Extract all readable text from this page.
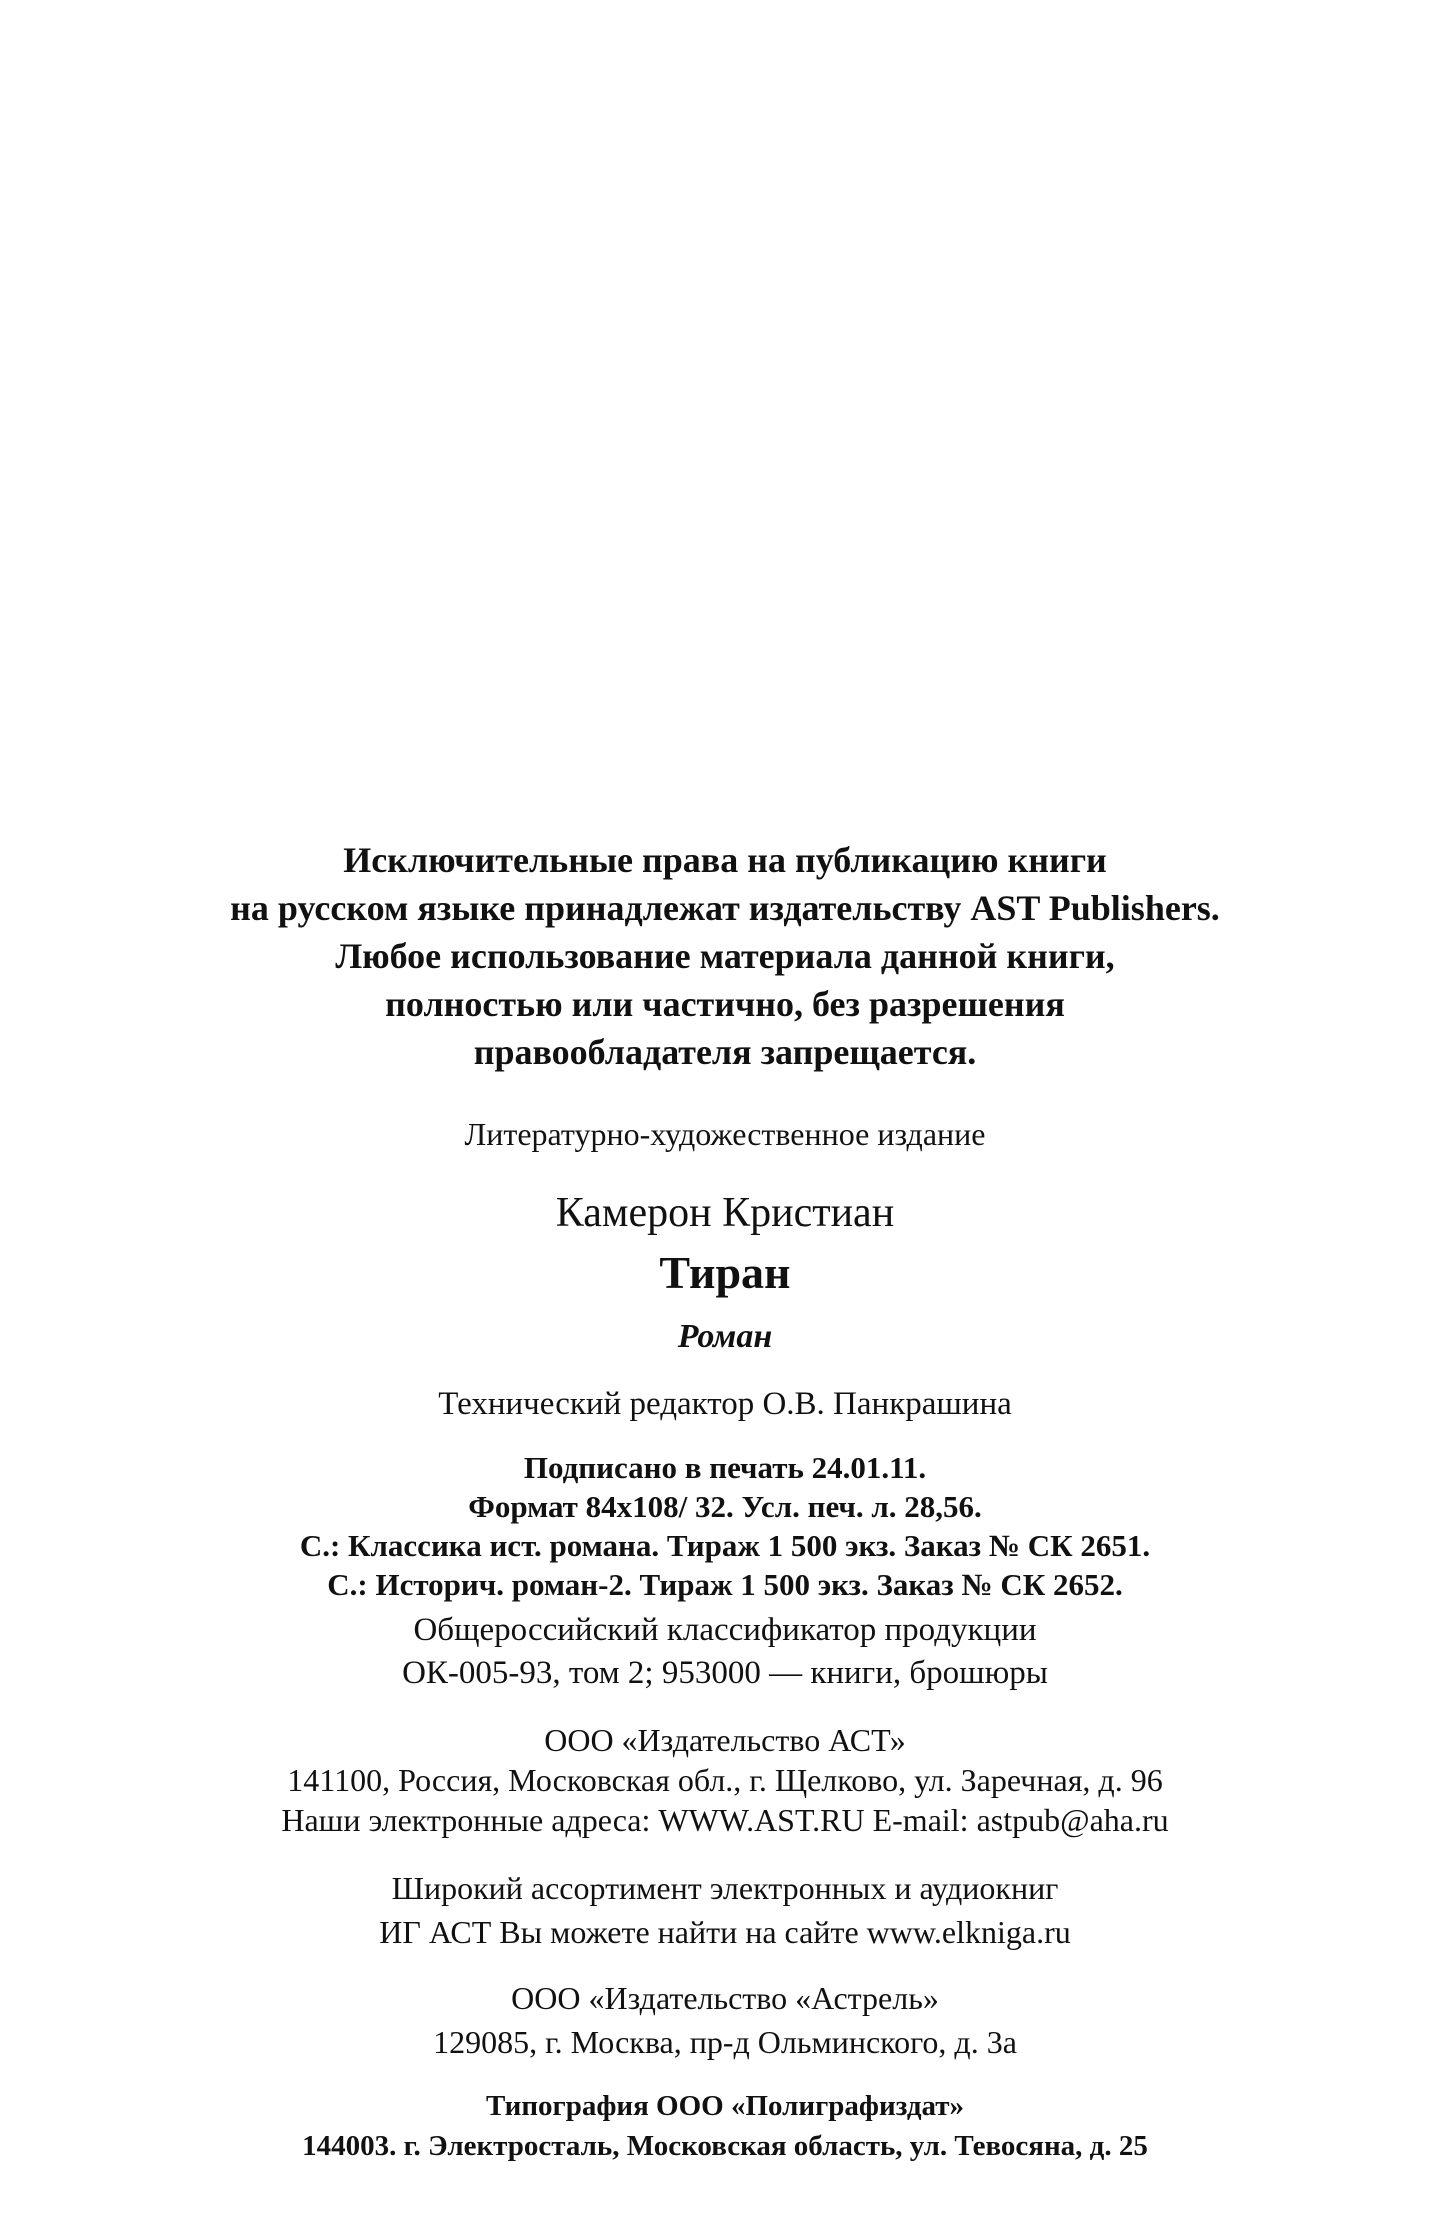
Исключительные права на публикацию книги
на русском языке принадлежат издательству AST Publishers.
Любое использование материала данной книги,
полностью или частично, без разрешения
правообладателя запрещается.
Литературно-художественное издание
Камерон Кристиан
Тиран
Роман
Технический редактор О.В. Панкрашина
Подписано в печать 24.01.11.
Формат 84x108/ 32. Усл. печ. л. 28,56.
С.: Классика ист. романа. Тираж 1 500 экз. Заказ № СК 2651.
С.: Историч. роман-2. Тираж 1 500 экз. Заказ № СК 2652.
Общероссийский классификатор продукции
ОК-005-93, том 2; 953000 — книги, брошюры
ООО «Издательство АСТ»
141100, Россия, Московская обл., г. Щелково, ул. Заречная, д. 96
Наши электронные адреса: WWW.AST.RU E-mail: astpub@aha.ru
Широкий ассортимент электронных и аудиокниг
ИГ АСТ Вы можете найти на сайте www.elkniga.ru
ООО «Издательство «Астрель»
129085, г. Москва, пр-д Ольминского, д. 3а
Типография ООО «Полиграфиздат»
144003. г. Электросталь, Московская область, ул. Тевосяна, д. 25
